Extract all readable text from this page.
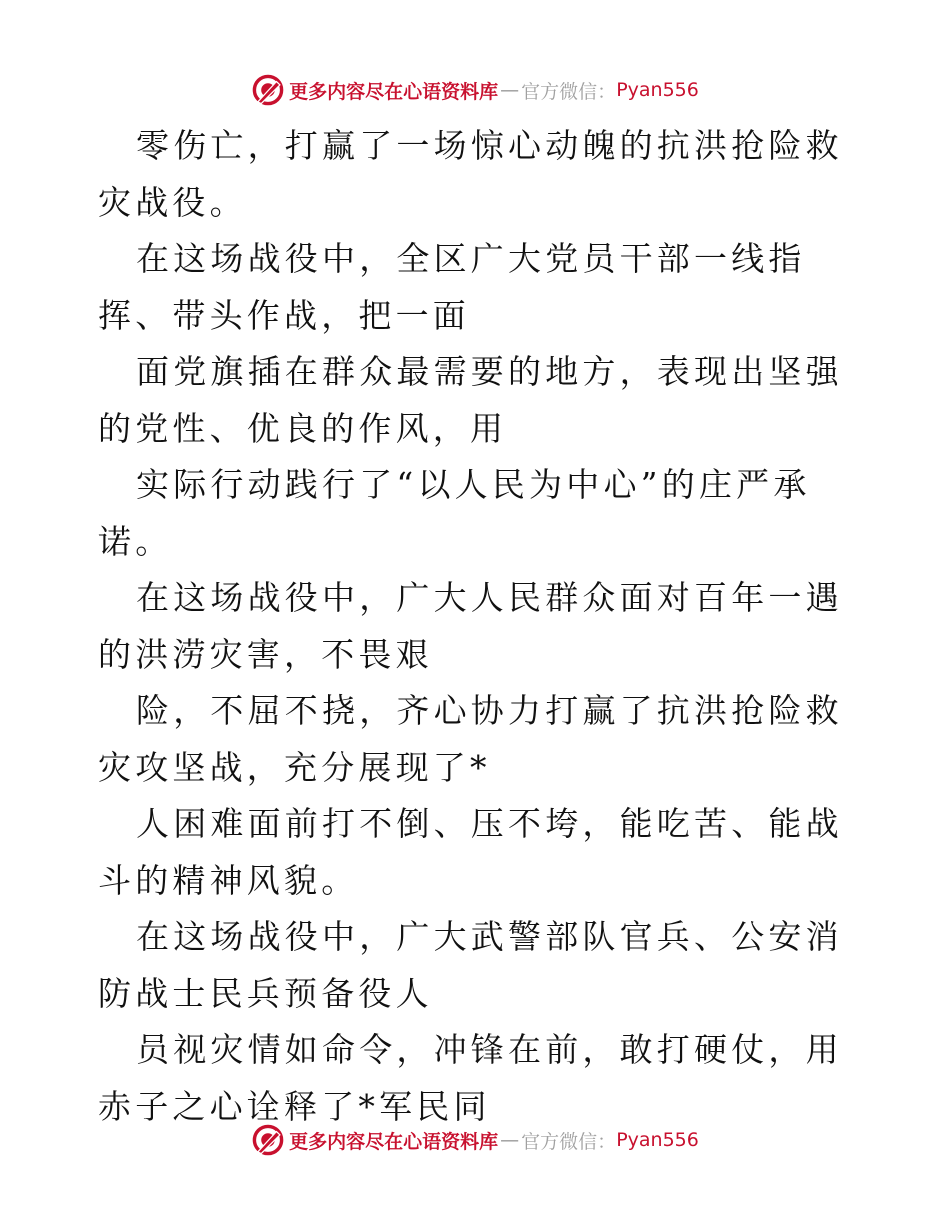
更多内容尽在心语资料库 — 官方微信： Pyan556

零伤亡，打赢了一场惊心动魄的抗洪抢险救灾战役。

在这场战役中，全区广大党员干部一线指挥、带头作战，把一面

面党旗插在群众最需要的地方，表现出坚强的党性、优良的作风，用

实际行动践行了“以人民为中心”的庄严承诺。

在这场战役中，广大人民群众面对百年一遇的洪涝灾害，不畏艰

险，不屈不挠，齐心协力打赢了抗洪抢险救灾攻坚战，充分展现了*

人困难面前打不倒、压不垮，能吃苦、能战斗的精神风貌。

在这场战役中，广大武警部队官兵、公安消防战士民兵预备役人

员视灾情如命令，冲锋在前，敢打硬仗，用赤子之心诠释了*军民同

更多内容尽在心语资料库 — 官方微信： Pyan556
